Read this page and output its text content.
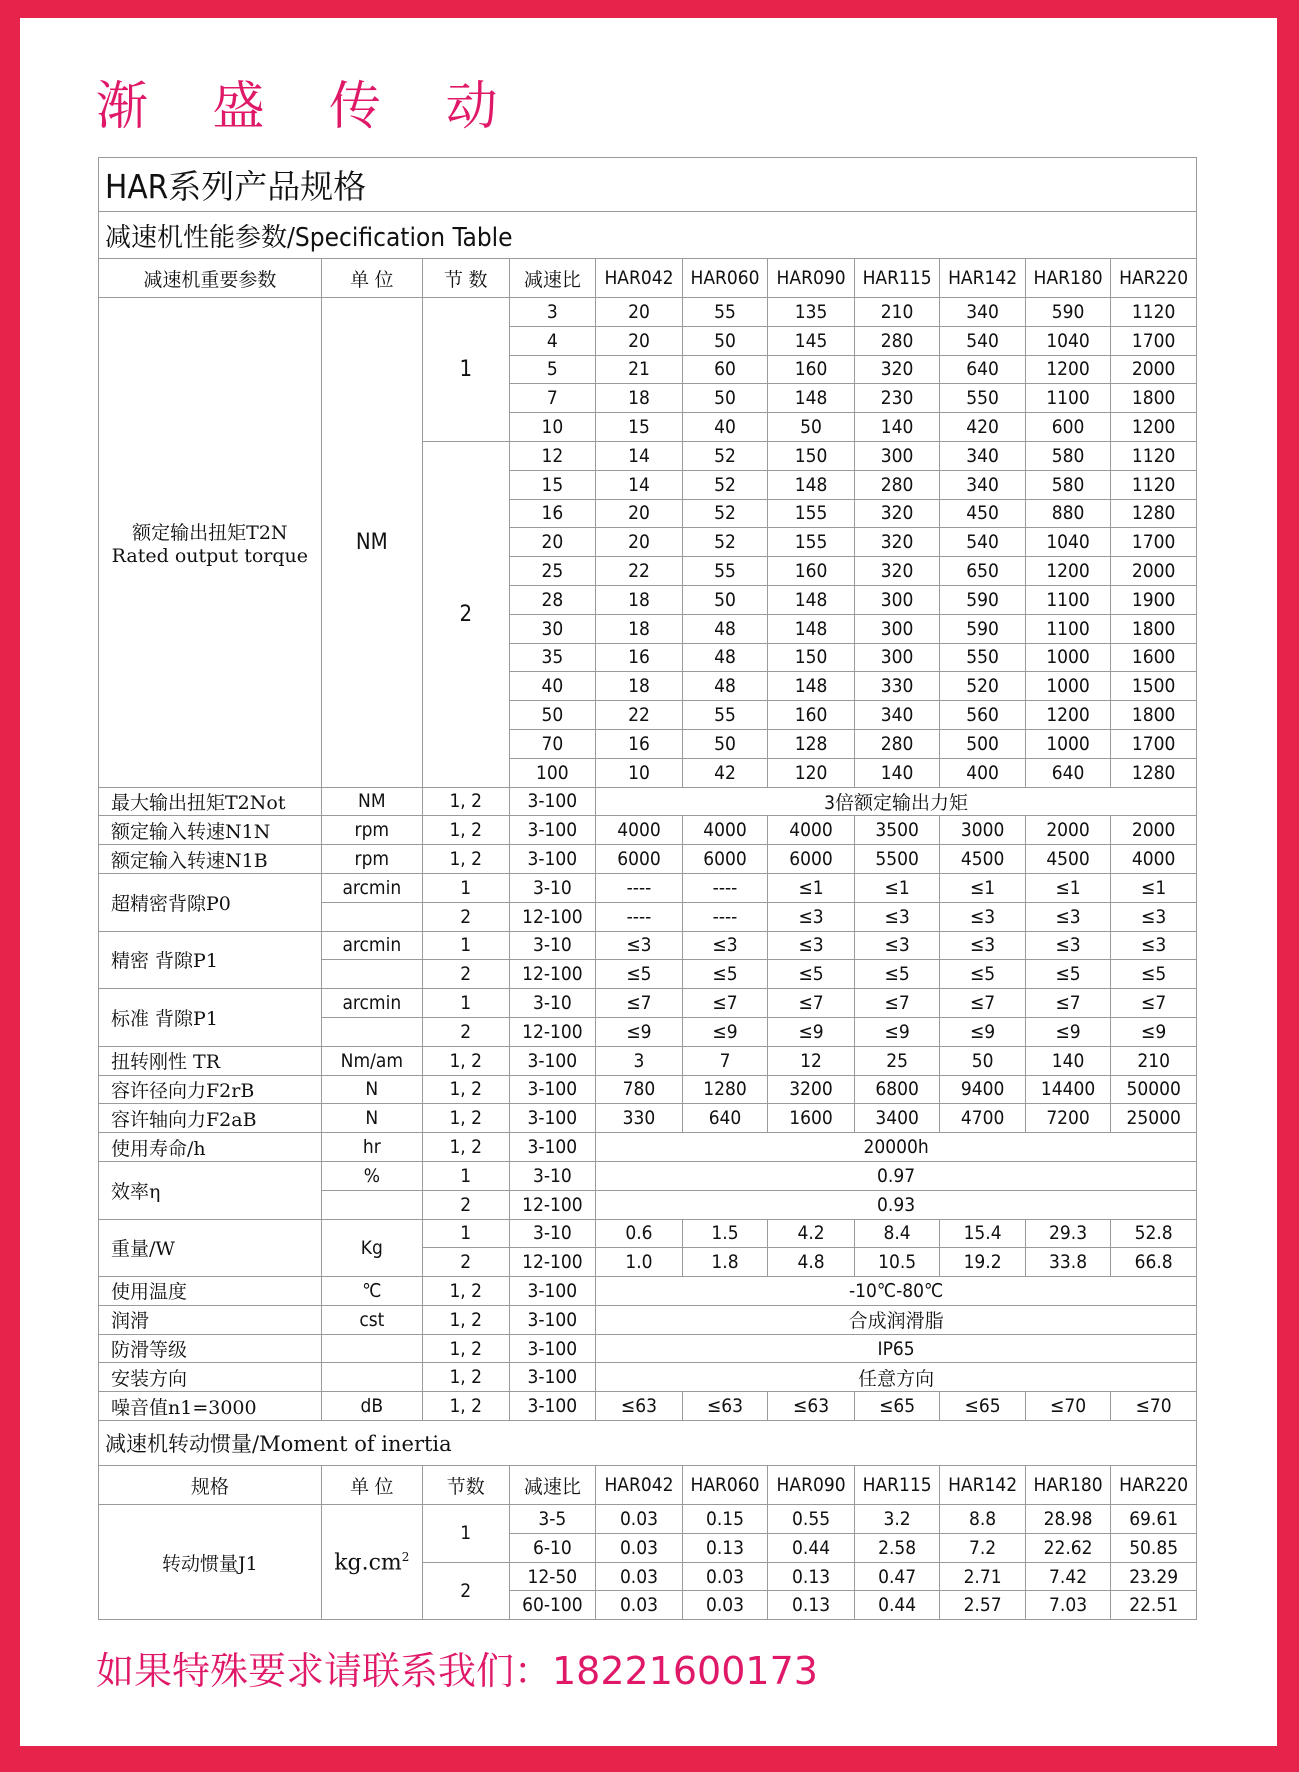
渐 盛 传 动
HAR系列产品规格										
减速机性能参数/Specification Table										
减速机重要参数	单 位	节 数	减速比	HAR042	HAR060	HAR090	HAR115	HAR142	HAR180	HAR220

额定输出扭矩T2N
Rated output torque	NM	1	3	20	55	135	210	340	590	1120
			4	20	50	145	280	540	1040	1700
			5	21	60	160	320	640	1200	2000
			7	18	50	148	230	550	1100	1800
			10	15	40	50	140	420	600	1200
		2	12	14	52	150	300	340	580	1120
			15	14	52	148	280	340	580	1120
			16	20	52	155	320	450	880	1280
			20	20	52	155	320	540	1040	1700
			25	22	55	160	320	650	1200	2000
			28	18	50	148	300	590	1100	1900
			30	18	48	148	300	590	1100	1800
			35	16	48	150	300	550	1000	1600
			40	18	48	148	330	520	1000	1500
			50	22	55	160	340	560	1200	1800
			70	16	50	128	280	500	1000	1700
			100	10	42	120	140	400	640	1280
最大输出扭矩T2Not	NM	1, 2	3-100	3倍额定输出力矩						
额定输入转速N1N	rpm	1, 2	3-100	4000	4000	4000	3500	3000	2000	2000
额定输入转速N1B	rpm	1, 2	3-100	6000	6000	6000	5500	4500	4500	4000
超精密背隙P0	arcmin	1	3-10	----	----	≤1	≤1	≤1	≤1	≤1
		2	12-100	----	----	≤3	≤3	≤3	≤3	≤3
精密 背隙P1	arcmin	1	3-10	≤3	≤3	≤3	≤3	≤3	≤3	≤3
		2	12-100	≤5	≤5	≤5	≤5	≤5	≤5	≤5
标准 背隙P1	arcmin	1	3-10	≤7	≤7	≤7	≤7	≤7	≤7	≤7
		2	12-100	≤9	≤9	≤9	≤9	≤9	≤9	≤9
扭转刚性 TR	Nm/am	1, 2	3-100	3	7	12	25	50	140	210
容许径向力F2rB	N	1, 2	3-100	780	1280	3200	6800	9400	14400	50000
容许轴向力F2aB	N	1, 2	3-100	330	640	1600	3400	4700	7200	25000
使用寿命/h	hr	1, 2	3-100	20000h						
效率η	%	1	3-10	0.97						
		2	12-100	0.93						
重量/W	Kg	1	3-10	0.6	1.5	4.2	8.4	15.4	29.3	52.8
		2	12-100	1.0	1.8	4.8	10.5	19.2	33.8	66.8
使用温度	℃	1, 2	3-100	-10℃-80℃						
润滑	cst	1, 2	3-100	合成润滑脂						
防滑等级		1, 2	3-100	IP65						
安装方向		1, 2	3-100	任意方向						
噪音值n1=3000	dB	1, 2	3-100	≤63	≤63	≤63	≤65	≤65	≤70	≤70
减速机转动惯量/Moment of inertia										
规格	单 位	节数	减速比	HAR042	HAR060	HAR090	HAR115	HAR142	HAR180	HAR220
转动惯量J1	$kg.cm^2$	1	3-5	0.03	0.15	0.55	3.2	8.8	28.98	69.61
			6-10	0.03	0.13	0.44	2.58	7.2	22.62	50.85
		2	12-50	0.03	0.03	0.13	0.47	2.71	7.42	23.29
			60-100	0.03	0.03	0.13	0.44	2.57	7.03	22.51
如果特殊要求请联系我们：18221600173
